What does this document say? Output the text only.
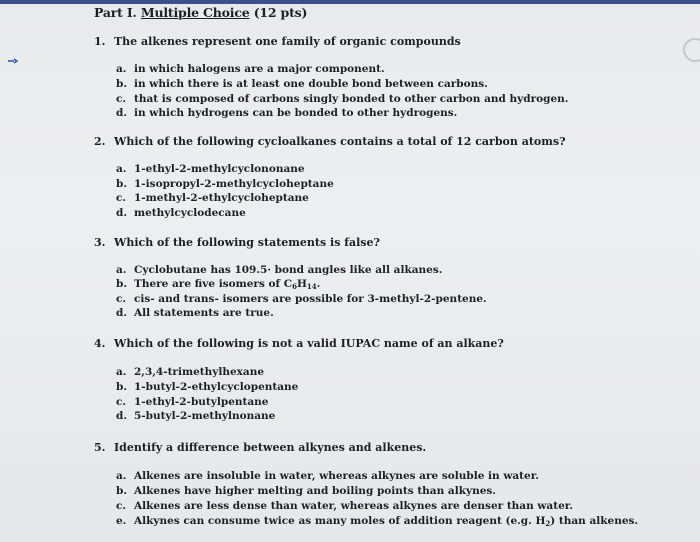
Part I. Multiple Choice (12 pts)
1. The alkenes represent one family of organic compounds
a. in which halogens are a major component.
b. in which there is at least one double bond between carbons.
c. that is composed of carbons singly bonded to other carbon and hydrogen.
d. in which hydrogens can be bonded to other hydrogens.
2. Which of the following cycloalkanes contains a total of 12 carbon atoms?
a. 1-ethyl-2-methylcyclononane
b. 1-isopropyl-2-methylcycloheptane
c. 1-methyl-2-ethylcycloheptane
d. methylcyclodecane
3. Which of the following statements is false?
a. Cyclobutane has 109.5· bond angles like all alkanes.
b. There are five isomers of $C_6H_{14}$.
c. cis- and trans- isomers are possible for 3-methyl-2-pentene.
d. All statements are true.
4. Which of the following is not a valid IUPAC name of an alkane?
a. 2,3,4-trimethylhexane
b. 1-butyl-2-ethylcyclopentane
c. 1-ethyl-2-butylpentane
d. 5-butyl-2-methylnonane
5. Identify a difference between alkynes and alkenes.
a. Alkenes are insoluble in water, whereas alkynes are soluble in water.
b. Alkenes have higher melting and boiling points than alkynes.
c. Alkenes are less dense than water, whereas alkynes are denser than water.
e. Alkynes can consume twice as many moles of addition reagent (e.g. $H_2$) than alkenes.
